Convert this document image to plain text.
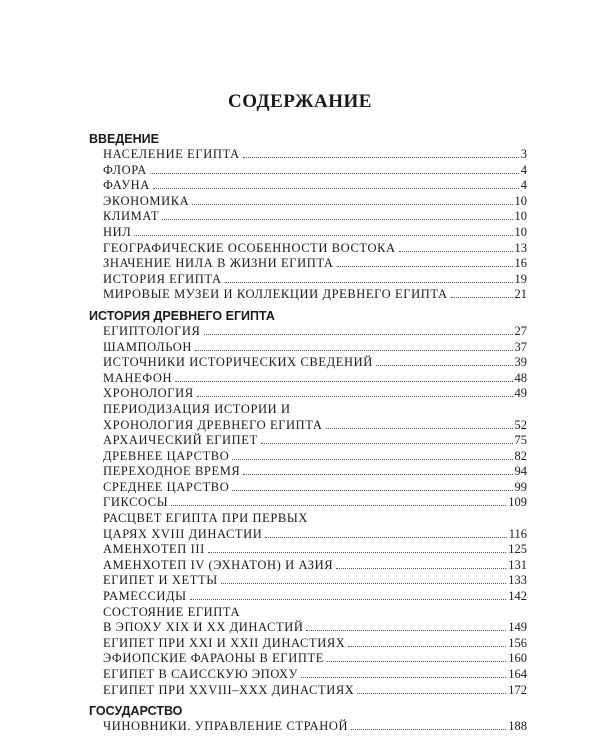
СОДЕРЖАНИЕ
ВВЕДЕНИЕ
НАСЕЛЕНИЕ ЕГИПТА	3
ФЛОРА	4
ФАУНА	4
ЭКОНОМИКА	10
КЛИМАТ	10
НИЛ	10
ГЕОГРАФИЧЕСКИЕ ОСОБЕННОСТИ ВОСТОКА	13
ЗНАЧЕНИЕ НИЛА В ЖИЗНИ ЕГИПТА	16
ИСТОРИЯ ЕГИПТА	19
МИРОВЫЕ МУЗЕИ И КОЛЛЕКЦИИ ДРЕВНЕГО ЕГИПТА	21
ИСТОРИЯ ДРЕВНЕГО ЕГИПТА
ЕГИПТОЛОГИЯ	27
ШАМПОЛЬОН	37
ИСТОЧНИКИ ИСТОРИЧЕСКИХ СВЕДЕНИЙ	39
МАНЕФОН	48
ХРОНОЛОГИЯ	49
ПЕРИОДИЗАЦИЯ ИСТОРИИ И
ХРОНОЛОГИЯ ДРЕВНЕГО ЕГИПТА	52
АРХАИЧЕСКИЙ ЕГИПЕТ	75
ДРЕВНЕЕ ЦАРСТВО	82
ПЕРЕХОДНОЕ ВРЕМЯ	94
СРЕДНЕЕ ЦАРСТВО	99
ГИКСОСЫ	109
РАСЦВЕТ ЕГИПТА ПРИ ПЕРВЫХ
ЦАРЯХ XVIII ДИНАСТИИ	116
АМЕНХОТЕП III	125
АМЕНХОТЕП IV (ЭХНАТОН) И АЗИЯ	131
ЕГИПЕТ И ХЕТТЫ	133
РАМЕССИДЫ	142
СОСТОЯНИЕ ЕГИПТА
В ЭПОХУ XIX И XX ДИНАСТИЙ	149
ЕГИПЕТ ПРИ XXI И XXII ДИНАСТИЯХ	156
ЭФИОПСКИЕ ФАРАОНЫ В ЕГИПТЕ	160
ЕГИПЕТ В САИССКУЮ ЭПОХУ	164
ЕГИПЕТ ПРИ XXVIII–XXX ДИНАСТИЯХ	172
ГОСУДАРСТВО
ЧИНОВНИКИ. УПРАВЛЕНИЕ СТРАНОЙ	188
